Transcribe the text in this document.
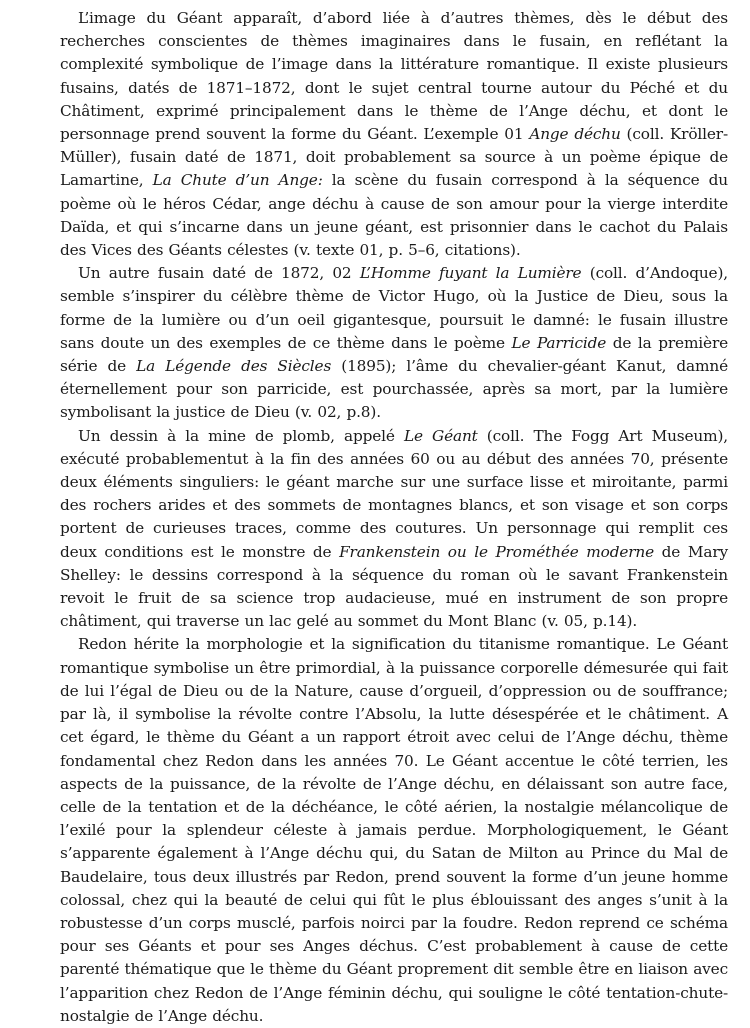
L’image du Géant apparaît, d’abord liée à d’autres thèmes, dès le début des recherches conscientes de thèmes imaginaires dans le fusain, en reflétant la complexité symbolique de l’image dans la littérature romantique. Il existe plusieurs fusains, datés de 1871–1872, dont le sujet central tourne autour du Péché et du Châtiment, exprimé principalement dans le thème de l’Ange déchu, et dont le personnage prend souvent la forme du Géant. L’exemple 01 Ange déchu (coll. Kröller-Müller), fusain daté de 1871, doit probablement sa source à un poème épique de Lamartine, La Chute d’un Ange: la scène du fusain correspond à la séquence du poème où le héros Cédar, ange déchu à cause de son amour pour la vierge interdite Daïda, et qui s’incarne dans un jeune géant, est prisonnier dans le cachot du Palais des Vices des Géants célestes (v. texte 01, p. 5–6, citations).

Un autre fusain daté de 1872, 02 L’Homme fuyant la Lumière (coll. d’Andoque), semble s’inspirer du célèbre thème de Victor Hugo, où la Justice de Dieu, sous la forme de la lumière ou d’un oeil gigantesque, poursuit le damné: le fusain illustre sans doute un des exemples de ce thème dans le poème Le Parricide de la première série de La Légende des Siècles (1895); l’âme du chevalier-géant Kanut, damné éternellement pour son parricide, est pourchassée, après sa mort, par la lumière symbolisant la justice de Dieu (v. 02, p.8).

Un dessin à la mine de plomb, appelé Le Géant (coll. The Fogg Art Museum), exécuté probablementut à la fin des années 60 ou au début des années 70, présente deux éléments singuliers: le géant marche sur une surface lisse et miroitante, parmi des rochers arides et des sommets de montagnes blancs, et son visage et son corps portent de curieuses traces, comme des coutures. Un personnage qui remplit ces deux conditions est le monstre de Frankenstein ou le Prométhée moderne de Mary Shelley: le dessins correspond à la séquence du roman où le savant Frankenstein revoit le fruit de sa science trop audacieuse, mué en instrument de son propre châtiment, qui traverse un lac gelé au sommet du Mont Blanc (v. 05, p.14).

Redon hérite la morphologie et la signification du titanisme romantique. Le Géant romantique symbolise un être primordial, à la puissance corporelle démesurée qui fait de lui l’égal de Dieu ou de la Nature, cause d’orgueil, d’oppression ou de souffrance; par là, il symbolise la révolte contre l’Absolu, la lutte désespérée et le châtiment. A cet égard, le thème du Géant a un rapport étroit avec celui de l’Ange déchu, thème fondamental chez Redon dans les années 70. Le Géant accentue le côté terrien, les aspects de la puissance, de la révolte de l’Ange déchu, en délaissant son autre face, celle de la tentation et de la déchéance, le côté aérien, la nostalgie mélancolique de l’exilé pour la splendeur céleste à jamais perdue. Morphologiquement, le Géant s’apparente également à l’Ange déchu qui, du Satan de Milton au Prince du Mal de Baudelaire, tous deux illustrés par Redon, prend souvent la forme d’un jeune homme colossal, chez qui la beauté de celui qui fût le plus éblouissant des anges s’unit à la robustesse d’un corps musclé, parfois noirci par la foudre. Redon reprend ce schéma pour ses Géants et pour ses Anges déchus. C’est probablement à cause de cette parenté thématique que le thème du Géant proprement dit semble être en liaison avec l’apparition chez Redon de l’Ange féminin déchu, qui souligne le côté tentation-chute-nostalgie de l’Ange déchu.
